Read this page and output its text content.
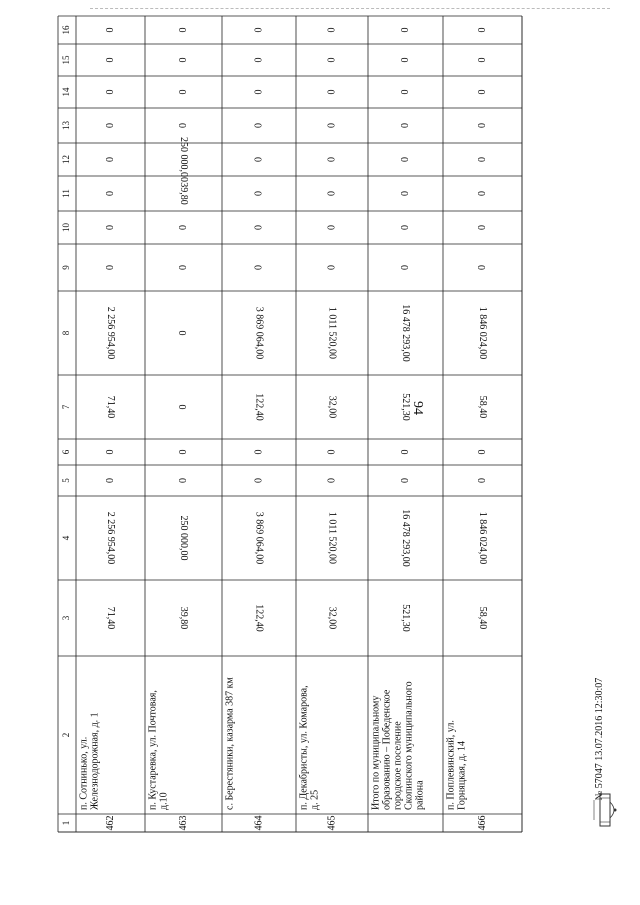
94
1
2
3
4
5
6
7
8
9
10
11
12
13
14
15
16
462
п. Сотнинько, ул. Железнодорожная, д. 1
71,40
2 256 954,00
0
0
71,40
2 256 954,00
0
0
0
0
0
0
0
0
463
п. Кустаревка, ул. Почтовая, д.10
39,80
250 000,00
0
0
0
0
0
0
39,80
250 000,00
0
0
0
0
464
с. Берестяники, казарма 387 км
122,40
3 869 064,00
0
0
122,40
3 869 064,00
0
0
0
0
0
0
0
0
465
п. Декабристы, ул. Комарова, д. 25
32,00
1 011 520,00
0
0
32,00
1 011 520,00
0
0
0
0
0
0
0
0
Итого по муниципальному образованию – Победенское городское поселение Скопинского муниципального района
521,30
16 478 293,00
0
0
521,30
16 478 293,00
0
0
0
0
0
0
0
0
466
п. Поплевинский, ул. Горняцкая, д. 14
58,40
1 846 024,00
0
0
58,40
1 846 024,00
0
0
0
0
0
0
0
0
№ 57047 13.07.2016 12:30:07
